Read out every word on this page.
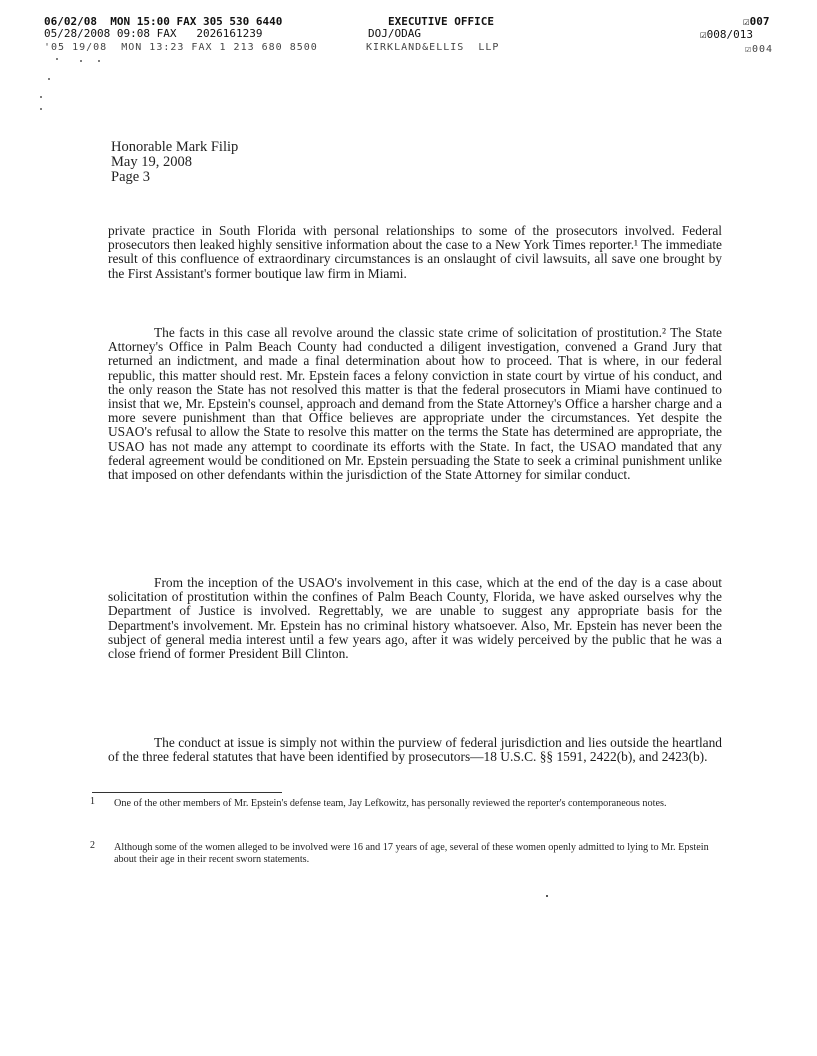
06/02/08  MON 15:00 FAX 305 530 6440
05/28/2008 09:08 FAX   2026161239
'05 19/08  MON 13:23 FAX 1 213 680 8500
EXECUTIVE OFFICE
DOJ/ODAG
KIRKLAND&ELLIS  LLP
☑007
☑008/013
☑004
Honorable Mark Filip
May 19, 2008
Page 3

private practice in South Florida with personal relationships to some of the prosecutors involved. Federal prosecutors then leaked highly sensitive information about the case to a New York Times reporter.¹ The immediate result of this confluence of extraordinary circumstances is an onslaught of civil lawsuits, all save one brought by the First Assistant's former boutique law firm in Miami.

The facts in this case all revolve around the classic state crime of solicitation of prostitution.² The State Attorney's Office in Palm Beach County had conducted a diligent investigation, convened a Grand Jury that returned an indictment, and made a final determination about how to proceed. That is where, in our federal republic, this matter should rest. Mr. Epstein faces a felony conviction in state court by virtue of his conduct, and the only reason the State has not resolved this matter is that the federal prosecutors in Miami have continued to insist that we, Mr. Epstein's counsel, approach and demand from the State Attorney's Office a harsher charge and a more severe punishment than that Office believes are appropriate under the circumstances. Yet despite the USAO's refusal to allow the State to resolve this matter on the terms the State has determined are appropriate, the USAO has not made any attempt to coordinate its efforts with the State. In fact, the USAO mandated that any federal agreement would be conditioned on Mr. Epstein persuading the State to seek a criminal punishment unlike that imposed on other defendants within the jurisdiction of the State Attorney for similar conduct.

From the inception of the USAO's involvement in this case, which at the end of the day is a case about solicitation of prostitution within the confines of Palm Beach County, Florida, we have asked ourselves why the Department of Justice is involved. Regrettably, we are unable to suggest any appropriate basis for the Department's involvement. Mr. Epstein has no criminal history whatsoever. Also, Mr. Epstein has never been the subject of general media interest until a few years ago, after it was widely perceived by the public that he was a close friend of former President Bill Clinton.

The conduct at issue is simply not within the purview of federal jurisdiction and lies outside the heartland of the three federal statutes that have been identified by prosecutors—18 U.S.C. §§ 1591, 2422(b), and 2423(b).

1 One of the other members of Mr. Epstein's defense team, Jay Lefkowitz, has personally reviewed the reporter's contemporaneous notes.
2 Although some of the women alleged to be involved were 16 and 17 years of age, several of these women openly admitted to lying to Mr. Epstein about their age in their recent sworn statements.
